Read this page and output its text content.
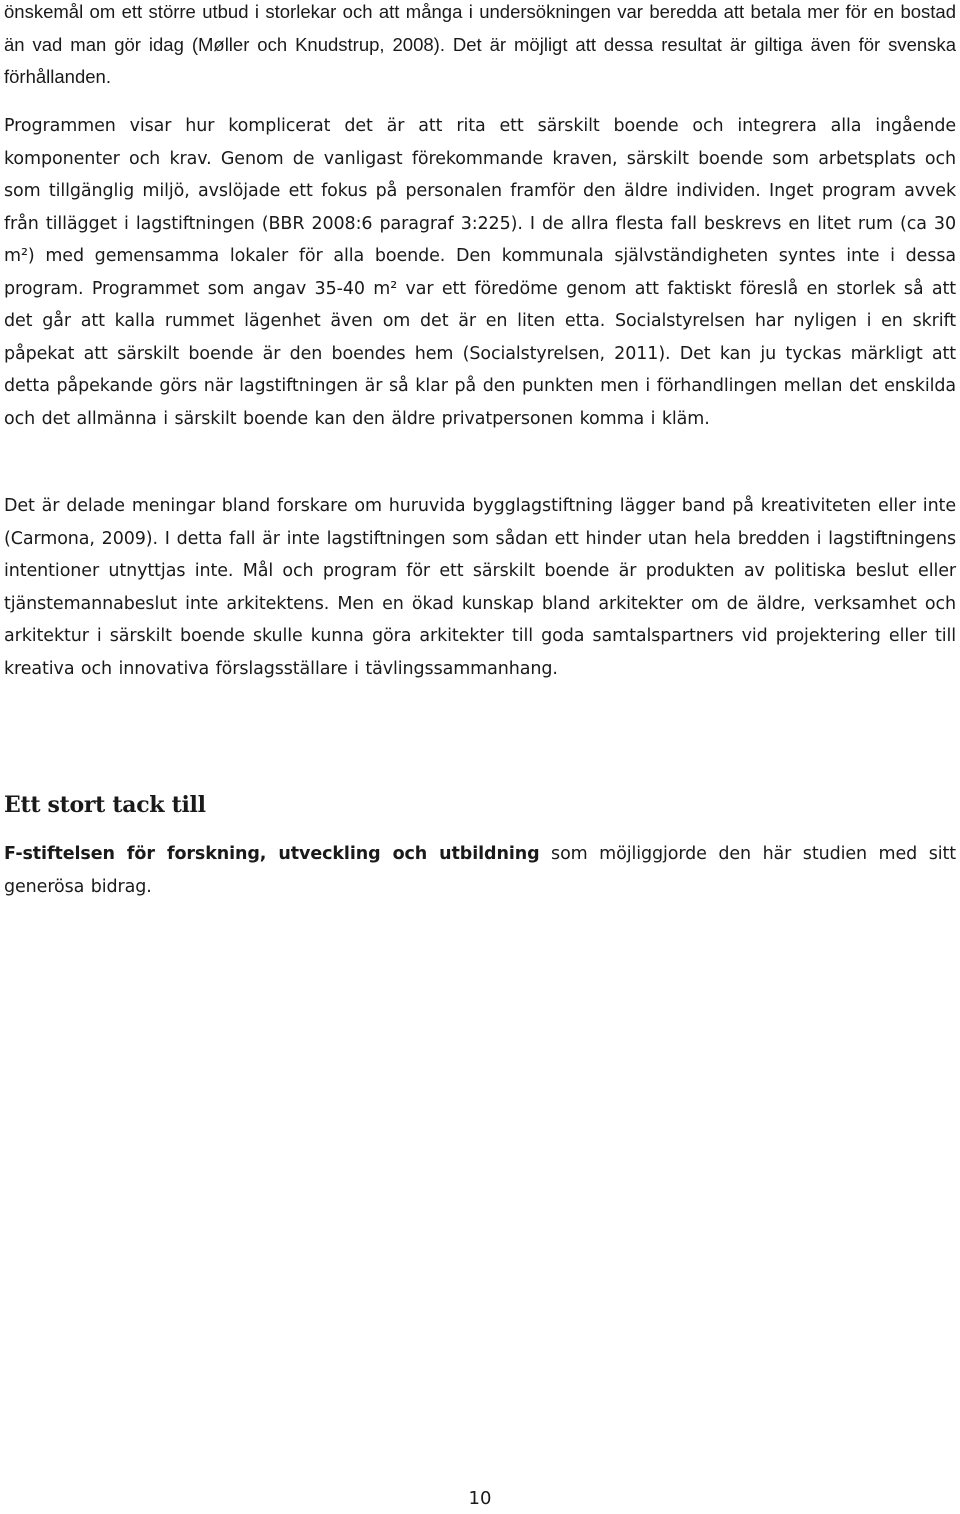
önskemål om ett större utbud i storlekar och att många i undersökningen var beredda att betala mer för en bostad än vad man gör idag (Møller och Knudstrup, 2008). Det är möjligt att dessa resultat är giltiga även för svenska förhållanden.

Programmen visar hur komplicerat det är att rita ett särskilt boende och integrera alla ingående komponenter och krav. Genom de vanligast förekommande kraven, särskilt boende som arbetsplats och som tillgänglig miljö, avslöjade ett fokus på personalen framför den äldre individen. Inget program avvek från tillägget i lagstiftningen (BBR 2008:6 paragraf 3:225). I de allra flesta fall beskrevs en litet rum (ca 30 m²) med gemensamma lokaler för alla boende. Den kommunala självständigheten syntes inte i dessa program. Programmet som angav 35-40 m² var ett föredöme genom att faktiskt föreslå en storlek så att det går att kalla rummet lägenhet även om det är en liten etta. Socialstyrelsen har nyligen i en skrift påpekat att särskilt boende är den boendes hem (Socialstyrelsen, 2011). Det kan ju tyckas märkligt att detta påpekande görs när lagstiftningen är så klar på den punkten men i förhandlingen mellan det enskilda och det allmänna i särskilt boende kan den äldre privatpersonen komma i kläm.

Det är delade meningar bland forskare om huruvida bygglagstiftning lägger band på kreativiteten eller inte (Carmona, 2009). I detta fall är inte lagstiftningen som sådan ett hinder utan hela bredden i lagstiftningens intentioner utnyttjas inte. Mål och program för ett särskilt boende är produkten av politiska beslut eller tjänstemannabeslut inte arkitektens. Men en ökad kunskap bland arkitekter om de äldre, verksamhet och arkitektur i särskilt boende skulle kunna göra arkitekter till goda samtalspartners vid projektering eller till kreativa och innovativa förslagsställare i tävlingssammanhang.

Ett stort tack till

F-stiftelsen för forskning, utveckling och utbildning som möjliggjorde den här studien med sitt generösa bidrag.

10
